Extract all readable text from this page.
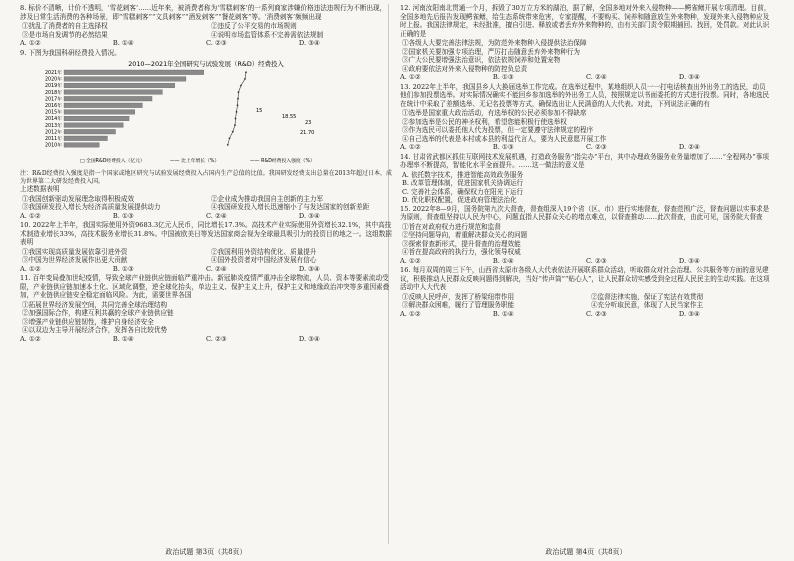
8. 标价不清晰，计价不透明，‘雪花刺客’……近年来，被消费者称为‘雪糕刺客’的一系列商家涉嫌价格违法违规行为不断出现，涉及日常生活消费的各种场景，即“雪糕刺客”“文具刺客”“酒发刺客”“餐花刺客”等。‘消费刺客’频频出现

①扰乱了消费者的自主选择权	②违反了公平交易的市场规则

③是市场自发调节的必然结果	④说明市场监管体系不完善需依法规制

A. ①②	B. ①④	C. ②③	D. ③④

9. 下图为我国科研经费投入情况。

2010—2021年全国研究与试验发展（R&D）经费投入
2021年
2020年
2019年
2018年
2017年
2016年
2015年
2014年
2013年
2012年
2011年
2010年
15
18.55
23
21.70
□ 全国R&D经费投入（亿元）	—— 比上年增长（%）	—— R&D经费投入强度（%）

注：R&D经费投入强度是指一个国家或地区研究与试验发展经费投入占国内生产总值的比值。我国研发经费支出总量在2013年超过日本，成为世界第二大研发经费投入国。

上述数据表明

①我国创新驱动发展理念取得积极成效	②企业成为推动我国自主创新的主力军

③我国研发投入增长为经济高质量发展提供动力	④我国研发投入增长迅速缩小了与发达国家的创新差距

A. ①②	B. ①③	C. ②④	D. ③④

10. 2022年上半年，我国实际使用外资9683.3亿元人民币，同比增长17.3%。高技术产业实际使用外资增长32.1%，其中高技术制造业增长33%，高技术服务业增长31.8%。中国被欧美日等发达国家商会视为全球最具吸引力的投资目的地之一。这组数据表明

①我国实现高质量发展依靠引进外资	②我国利用外资结构优化、质量提升

③中国为世界经济发展作出更大贡献	④国外投资者对中国经济发展有信心

A. ①②	B. ①③	C. ②④	D. ③④

11. 百年变局叠加世纪疫情，导致全球产业链供应链面临严重冲击。新冠肺炎疫情严重冲击全球物流，人员、资本等要素流动受限，产业链供应链加速本土化、区域化调整，逆全球化抬头，单边主义、保护主义上升，保护主义和地缘政治冲突等多重因素叠加，产业链供应链安全稳定面临风险。为此，需要世界各国

①拓展世界经济发展空间，共同完善全球治理结构

②加强国际合作，构建互利共赢的全球产业链供应链

③增强产业链供应链韧性，维护自身经济安全

④以双边为主导开展经济合作，发挥各自比较优势

A. ①②	B. ①④	C. ②③	D. ③④

12. 河南汝阳南北贯通一个月，拆毁了30万立方米的湖泊，据了解，全国多地对外来入侵物种——鳄雀鳝开展专项清理。目前，全国多地先后报告发现鳄雀鳝，给生态系统带来危害，专家提醒，不要购买、饲养和随意放生外来物种，发现外来入侵物种应及时上报。我国法律规定，未经批准，擅自引进、释放或者丢弃外来物种的，由有关部门责令限期捕回、找回，处罚款。对此认识正确的是

①各级人大要完善法律法规，为防范外来物种入侵提供法治保障

②国家机关要加强专项治理，严厉打击随意丢弃外来物种行为

③广大公民要增强法治意识，依法依规饲养和处置宠物

④政府要依法对外来入侵物种的防控负总责

A. ①②	B. ①③	C. ②④	D. ③④

13. 2022年上半年，我国县乡人大换届选举工作完成。在选举过程中，某地组织人员一一打电话核查出外出务工的选民，动员他们参加投票选举。对实际情况确实不能回乡参加选举的外出务工人员，按照规定以书面委托的方式进行投票。同时，各地选民在统计中采取了差额选举、无记名投票等方式，确保选出让人民满意的人大代表。对此，下列说法正确的有

①选举是国家重大政治活动，有选举权的公民必须参加不得缺席

②参加选举是公民的神圣权利，希望您能积极行使选举权

③作为选民可以委托他人代为投票，但一定要遵守法律规定的程序

④自己选举的代表是本村或本县的利益代言人，要为人民意愿开展工作

A. ①②	B. ①③	C. ②③	D. ②④

14. 甘肃省武都区抓住互联网技术发展机遇，打造政务服务“指尖办”平台，其中办理政务服务业务量增加了……“全程网办”事项办理率不断提高，智能化水平全面提升。……这一做法的意义是

A. 依托数字技术，推进智能高效政务服务

B. 改革管理体制，促进国家机关协调运行

C. 完善社会体系，确保权力在阳光下运行

D. 优化职权配置，促进政府管理法治化

15. 2022年8—9月，国务院第九次大督查，督查组深入19个省（区、市）进行实地督查，督查范围广泛，督查问题以实事求是为原则，督查组坚持以人民为中心，问题直指人民群众关心的堵点难点，以督查推动……此次督查，由此可见，国务院大督查

①旨在对政府权力进行规范和监督

②坚持问题导向，着重解决群众关心的问题

③探索督查新形式，提升督查的治理效能

④旨在提高政府的执行力，强化领导权威

A. ①②	B. ①④	C. ②③	D. ③④

16. 每月双周的周三下午，山西省太原市各级人大代表依法开展联系群众活动，听取群众对社会治理、公共服务等方面的意见建议，积极推动人民群众反映问题得到解决，当好“传声筒”“贴心人”，让人民群众切实感受到全过程人民民主的生动实践。在这项活动中人大代表

①反映人民呼声，发挥了桥梁纽带作用	②监督法律实施，保证了宪法有效贯彻

③解决群众困难，履行了管理服务职能	④充分听取民意，体现了人民当家作主

A. ①②	B. ①④	C. ②③	D. ③④
政治试题 第3页（共8页）	政治试题 第4页（共8页）
